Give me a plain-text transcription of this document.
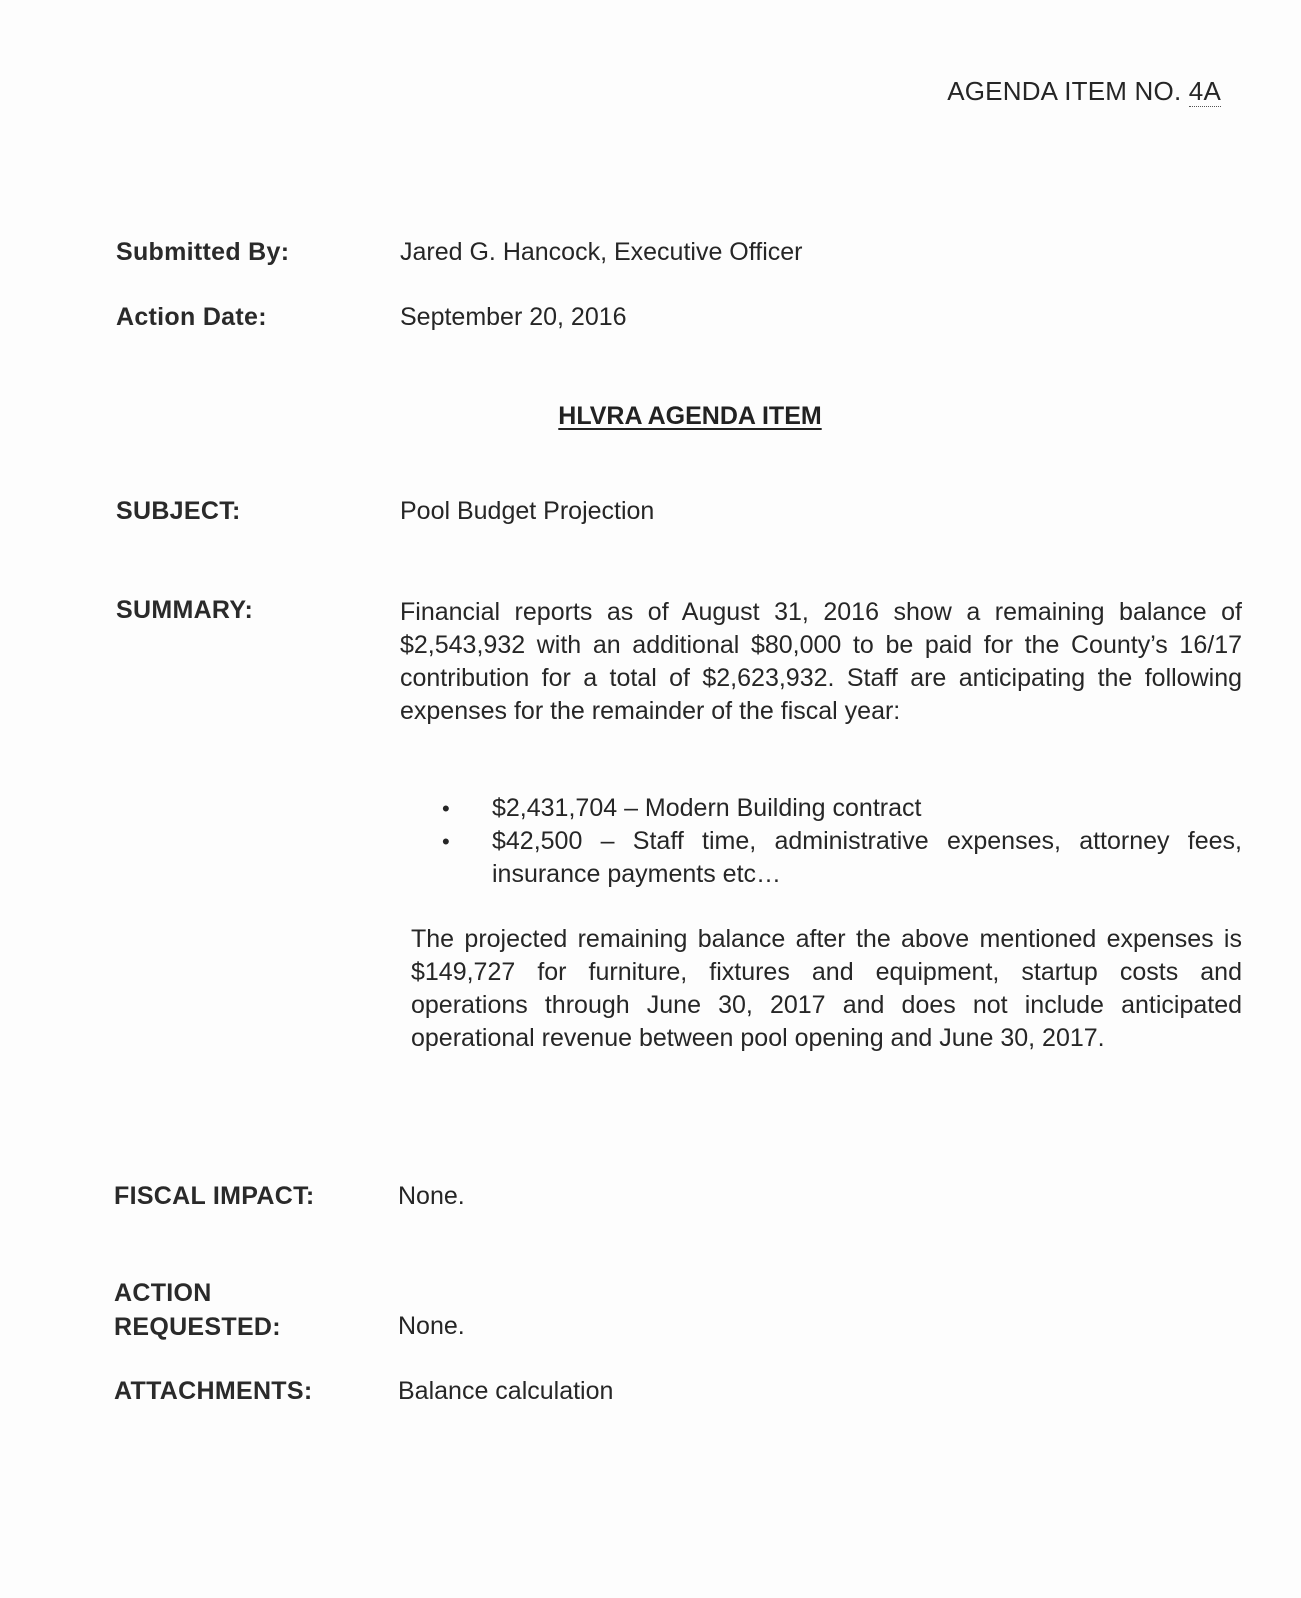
AGENDA ITEM NO. 4A
Submitted By:	Jared G. Hancock, Executive Officer
Action Date:	September 20, 2016
HLVRA AGENDA ITEM
SUBJECT:	Pool Budget Projection
SUMMARY:	Financial reports as of August 31, 2016 show a remaining balance of $2,543,932 with an additional $80,000 to be paid for the County’s 16/17 contribution for a total of $2,623,932. Staff are anticipating the following expenses for the remainder of the fiscal year:
• $2,431,704 – Modern Building contract
• $42,500 – Staff time, administrative expenses, attorney fees, insurance payments etc…
The projected remaining balance after the above mentioned expenses is $149,727 for furniture, fixtures and equipment, startup costs and operations through June 30, 2017 and does not include anticipated operational revenue between pool opening and June 30, 2017.
FISCAL IMPACT:	None.
ACTION
REQUESTED:	None.
ATTACHMENTS:	Balance calculation
